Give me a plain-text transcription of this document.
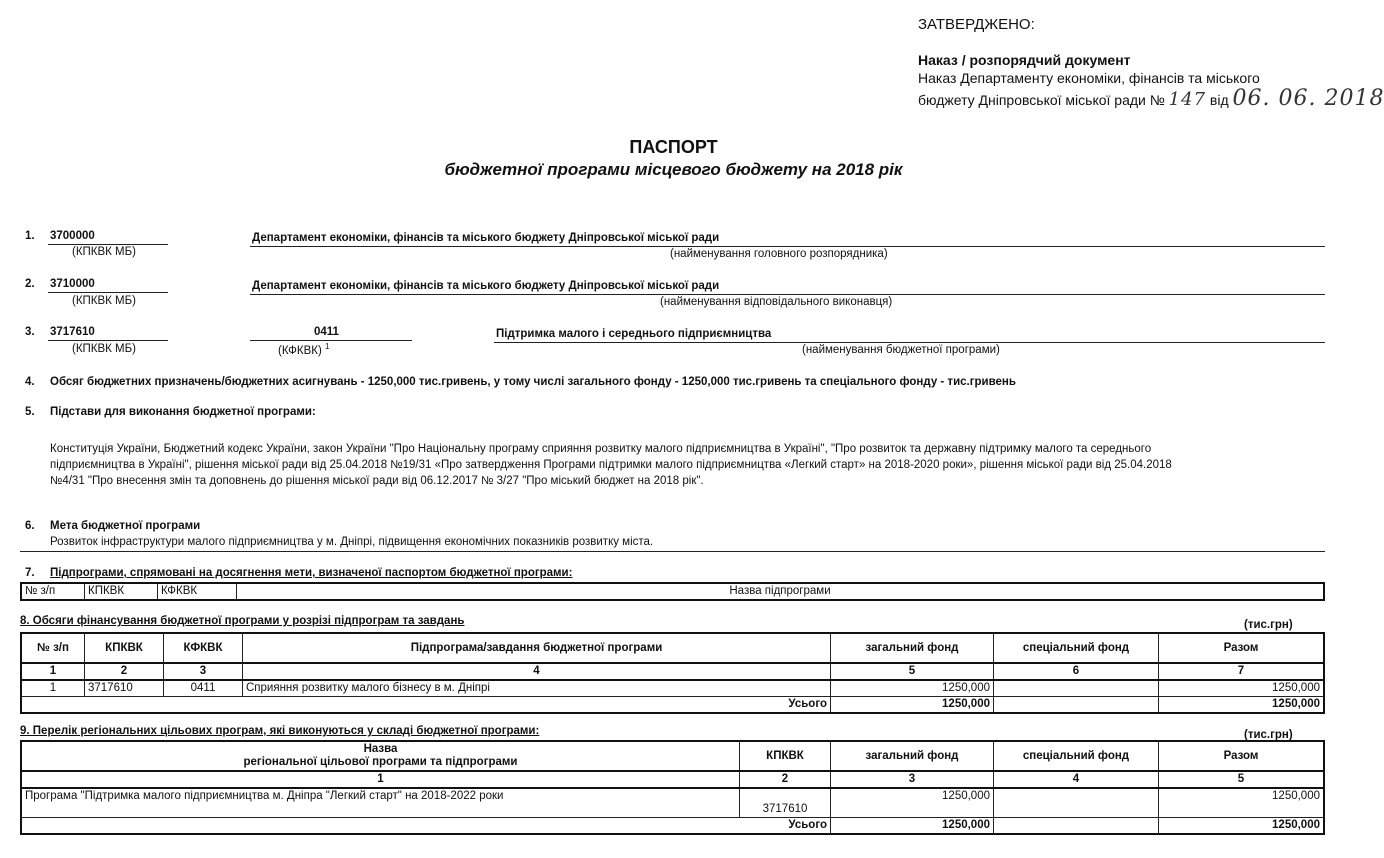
ЗАТВЕРДЖЕНО:
Наказ / розпорядчий документ
Наказ Департаменту економіки, фінансів та міського
бюджету Дніпровської міської ради № 147 від 06. 06. 2018
ПАСПОРТ
бюджетної програми місцевого бюджету на 2018 рік
1. 3700000
(КПКВК МБ)
Департамент економіки, фінансів та міського бюджету Дніпровської міської ради
(найменування головного розпорядника)
2. 3710000
(КПКВК МБ)
Департамент економіки, фінансів та міського бюджету Дніпровської міської ради
(найменування відповідального виконавця)
3. 3717610
(КПКВК МБ)
0411
(КФКВК) $^1$
Підтримка малого і середнього підприємництва
(найменування бюджетної програми)
4. Обсяг бюджетних призначень/бюджетних асигнувань - 1250,000 тис.гривень, у тому числі загального фонду - 1250,000 тис.гривень та спеціального фонду - тис.гривень
5. Підстави для виконання бюджетної програми:
Конституція України, Бюджетний кодекс України, закон України "Про Національну програму сприяння розвитку малого підприємництва в Україні", "Про розвиток та державну підтримку малого та середнього
підприємництва в Україні", рішення міської ради від 25.04.2018 №19/31 «Про затвердження Програми підтримки малого підприємництва «Легкий старт» на 2018-2020 роки», рішення міської ради від 25.04.2018
№4/31 "Про внесення змін та доповнень до рішення міської ради від 06.12.2017 № 3/27 "Про міський бюджет на 2018 рік".
6. Мета бюджетної програми
Розвиток інфраструктури малого підприємництва у м. Дніпрі, підвищення економічних показників розвитку міста.
7. Підпрограми, спрямовані на досягнення мети, визначеної паспортом бюджетної програми:
№ з/п	КПКВК	КФКВК	Назва підпрограми
8. Обсяги фінансування бюджетної програми у розрізі підпрограм та завдань	(тис.грн)
№ з/п	КПКВК	КФКВК	Підпрограма/завдання бюджетної програми	загальний фонд	спеціальний фонд	Разом
1	2	3	4	5	6	7
1	3717610	0411	Сприяння розвитку малого бізнесу в м. Дніпрі	1250,000		1250,000
Усього				1250,000		1250,000
9. Перелік регіональних цільових програм, які виконуються у складі бюджетної програми:	(тис.грн)
Назва
регіональної цільової програми та підпрограми	КПКВК	загальний фонд	спеціальний фонд	Разом
1	2	3	4	5
Програма "Підтримка малого підприємництва м. Дніпра "Легкий старт" на 2018-2022 роки	3717610	1250,000		1250,000
Усього		1250,000		1250,000
